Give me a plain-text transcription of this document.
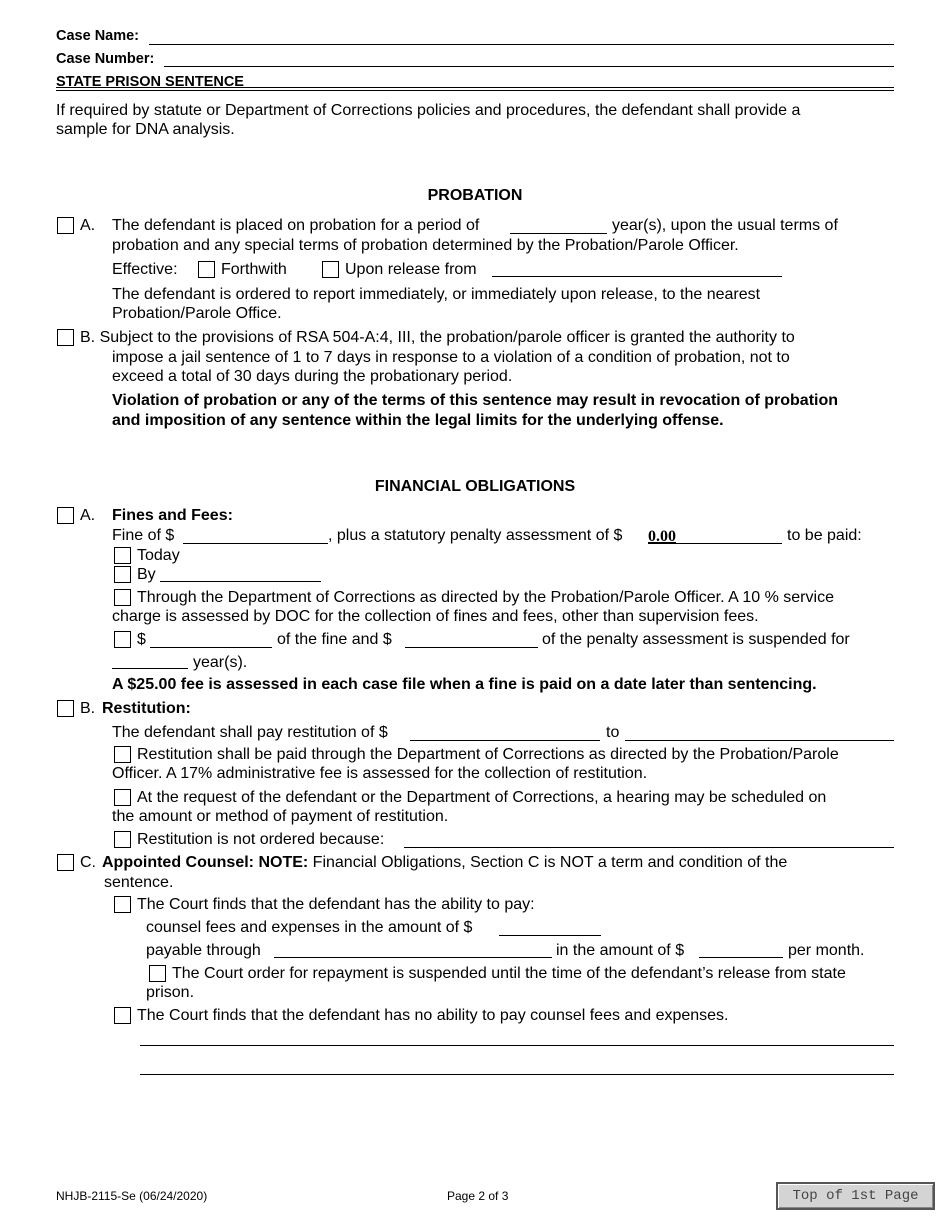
Case Name:
Case Number:
STATE PRISON SENTENCE
If required by statute or Department of Corrections policies and procedures, the defendant shall provide a
sample for DNA analysis.
PROBATION
A. The defendant is placed on probation for a period of	year(s), upon the usual terms of
probation and any special terms of probation determined by the Probation/Parole Officer.
Effective:	Forthwith	Upon release from
The defendant is ordered to report immediately, or immediately upon release, to the nearest
Probation/Parole Office.
B. Subject to the provisions of RSA 504-A:4, III, the probation/parole officer is granted the authority to
impose a jail sentence of 1 to 7 days in response to a violation of a condition of probation, not to
exceed a total of 30 days during the probationary period.
Violation of probation or any of the terms of this sentence may result in revocation of probation
and imposition of any sentence within the legal limits for the underlying offense.
FINANCIAL OBLIGATIONS
A. Fines and Fees:
Fine of $	, plus a statutory penalty assessment of $ 0.00	to be paid:
Today
By
Through the Department of Corrections as directed by the Probation/Parole Officer. A 10 % service
charge is assessed by DOC for the collection of fines and fees, other than supervision fees.
$	of the fine and $	of the penalty assessment is suspended for
year(s).
A $25.00 fee is assessed in each case file when a fine is paid on a date later than sentencing.
B. Restitution:
The defendant shall pay restitution of $	to
Restitution shall be paid through the Department of Corrections as directed by the Probation/Parole
Officer. A 17% administrative fee is assessed for the collection of restitution.
At the request of the defendant or the Department of Corrections, a hearing may be scheduled on
the amount or method of payment of restitution.
Restitution is not ordered because:
C. Appointed Counsel: NOTE: Financial Obligations, Section C is NOT a term and condition of the
sentence.
The Court finds that the defendant has the ability to pay:
counsel fees and expenses in the amount of $
payable through	in the amount of $	per month.
The Court order for repayment is suspended until the time of the defendant’s release from state
prison.
The Court finds that the defendant has no ability to pay counsel fees and expenses.
NHJB-2115-Se (06/24/2020)	Page 2 of 3	Top of 1st Page
